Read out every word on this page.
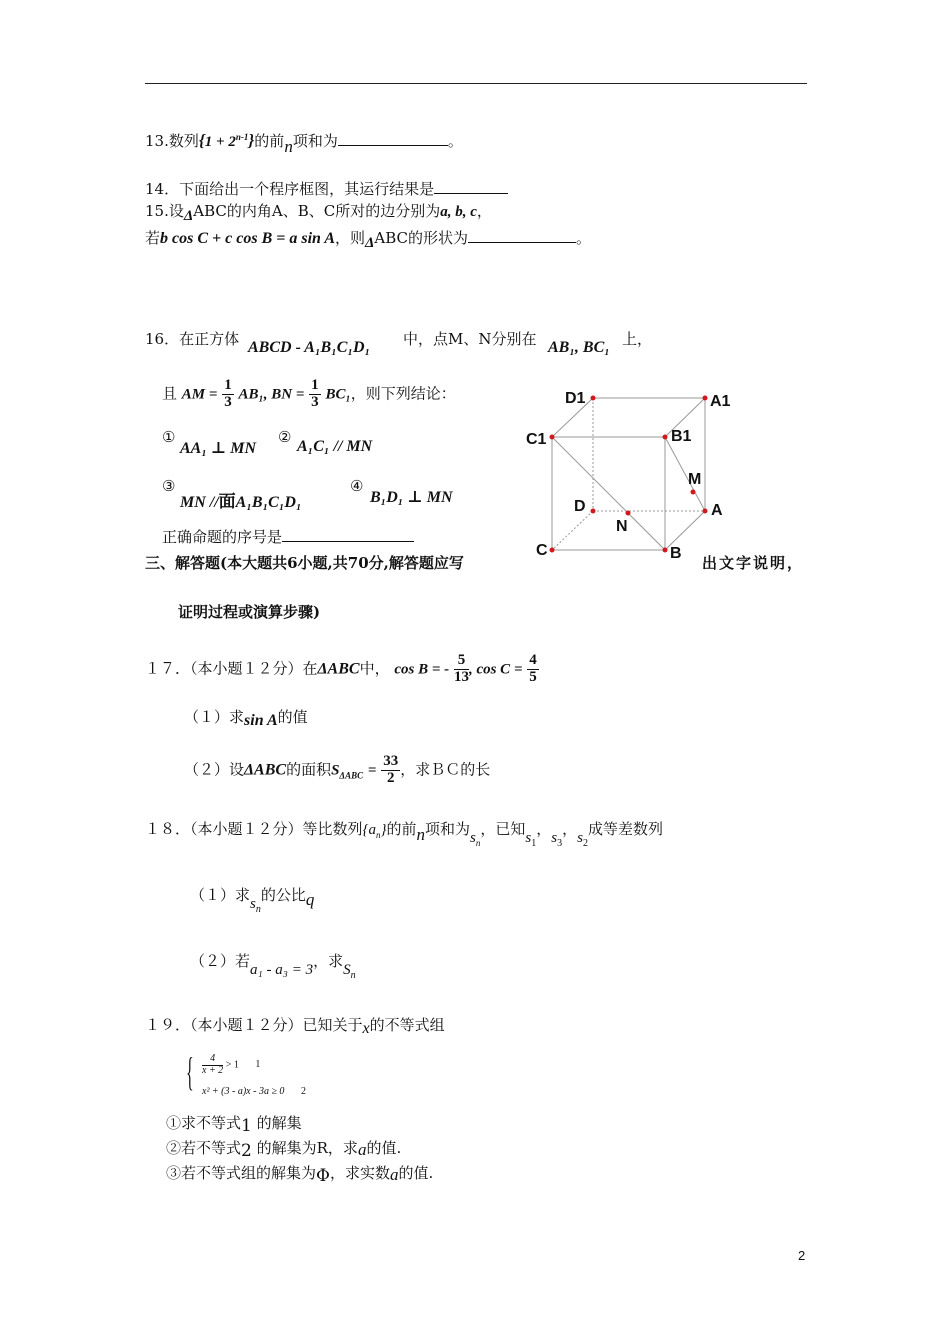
13.数列$\{1 + 2^{n-1}\}$的前n项和为	。
14．下面给出一个程序框图，其运行结果是
15.设ΔABC的内角A、B、C所对的边分别为a, b, c，
若b cos C + c cos B = a sin A，则ΔABC的形状为	。
16．在正方体 ABCD - A₁B₁C₁D₁ 中，点M、N分别在 AB₁, BC₁ 上，
且 AM = $\frac{1}{3} AB_1$, BN = $\frac{1}{3} BC_1$，则下列结论：
①
AA₁ ⊥ MN
②
A₁C₁ // MN
③
MN //面A₁B₁C₁D₁
④
B₁D₁ ⊥ MN
正确命题的序号是
D1	A1
C1	B1
M
D	A
N
C	B
三、解答题(本大题共6小题,共70分,解答题应写	出文字说明，
证明过程或演算步骤)
１７．（本小题１２分）在ΔABC中， cos B = - $\frac{5}{13}$ , $\cos C = \frac{4}{5}$
（１）求sin A的值
（２）设ΔABC的面积$S_{\Delta ABC} = \frac{33}{2}$ ，求ＢＣ的长
１８．（本小题１２分）等比数列$\{a_n\}$的前n项和为$s_n$，已知$s_1$，$s_3$，$s_2$成等差数列
（１）求$s_n$的公比q
（２）若a₁ - a₃ = 3，求$S_n$
１９．（本小题１２分）已知关于x的不等式组
{ $\frac{4}{x + 2} > 1$ 1
x² + (3 - a)x - 3a ≥ 0 2
①求不等式1 的解集
②若不等式2 的解集为R，求a的值.
③若不等式组的解集为Φ，求实数a的值.
2
